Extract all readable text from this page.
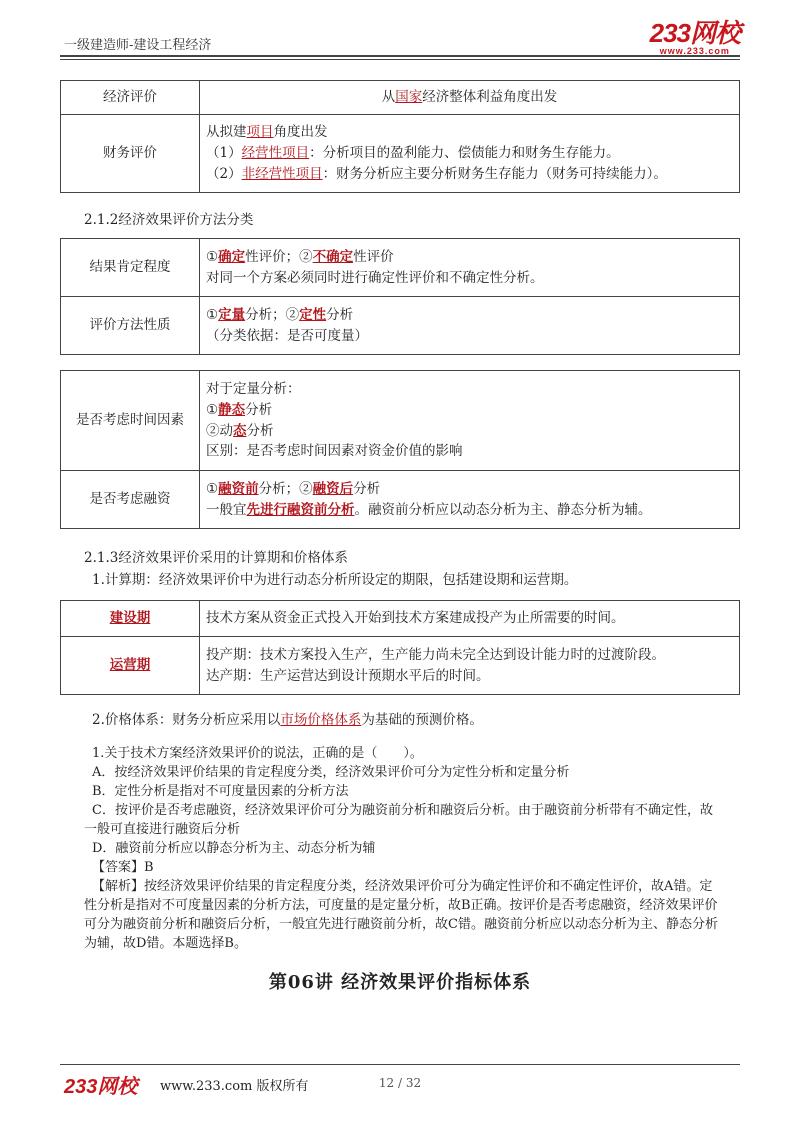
一级建造师-建设工程经济	233网校
www.233.com
经济评价	从国家经济整体利益角度出发
财务评价	从拟建项目角度出发
（1）经营性项目：分析项目的盈利能力、偿债能力和财务生存能力。
（2）非经营性项目：财务分析应主要分析财务生存能力（财务可持续能力）。
2.1.2经济效果评价方法分类
结果肯定程度	①确定性评价；②不确定性评价
对同一个方案必须同时进行确定性评价和不确定性分析。

评价方法性质	①定量分析；②定性分析
（分类依据：是否可度量）
是否考虑时间因素	对于定量分析：
①静态分析
②动态分析
区别：是否考虑时间因素对资金价值的影响

是否考虑融资	①融资前分析；②融资后分析
一般宜先进行融资前分析。融资前分析应以动态分析为主、静态分析为辅。
2.1.3经济效果评价采用的计算期和价格体系
1.计算期：经济效果评价中为进行动态分析所设定的期限，包括建设期和运营期。
建设期	技术方案从资金正式投入开始到技术方案建成投产为止所需要的时间。
运营期	投产期：技术方案投入生产，生产能力尚未完全达到设计能力时的过渡阶段。
达产期：生产运营达到设计预期水平后的时间。
2.价格体系：财务分析应采用以市场价格体系为基础的预测价格。
1.关于技术方案经济效果评价的说法，正确的是（　　）。
A．按经济效果评价结果的肯定程度分类，经济效果评价可分为定性分析和定量分析
B．定性分析是指对不可度量因素的分析方法
C．按评价是否考虑融资，经济效果评价可分为融资前分析和融资后分析。由于融资前分析带有不确定性，故一般可直接进行融资后分析
D．融资前分析应以静态分析为主、动态分析为辅
【答案】B
【解析】按经济效果评价结果的肯定程度分类，经济效果评价可分为确定性评价和不确定性评价，故A错。定性分析是指对不可度量因素的分析方法，可度量的是定量分析，故B正确。按评价是否考虑融资，经济效果评价可分为融资前分析和融资后分析，一般宜先进行融资前分析，故C错。融资前分析应以动态分析为主、静态分析为辅，故D错。本题选择B。
第06讲 经济效果评价指标体系
233网校 www.233.com 版权所有	12 / 32
